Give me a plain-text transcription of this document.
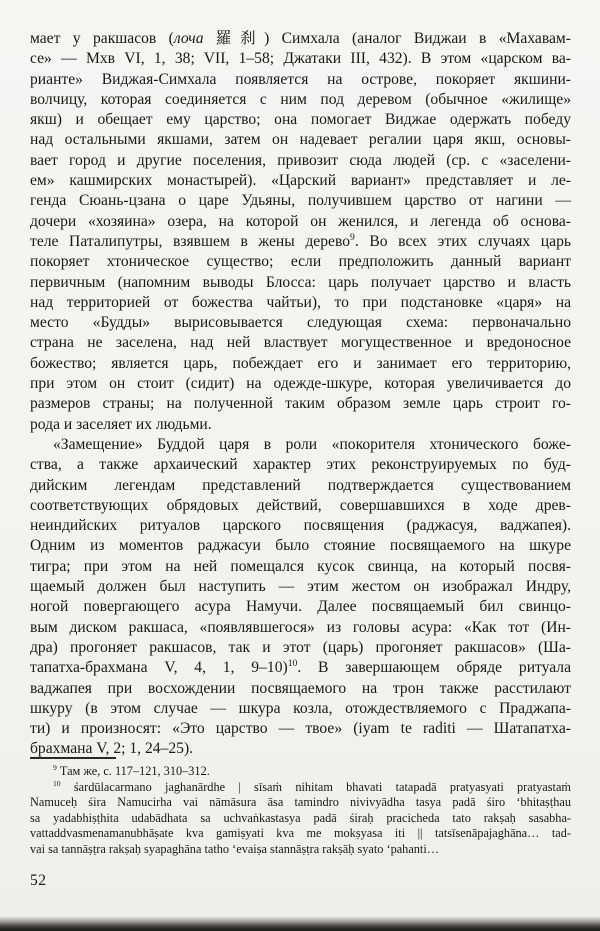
мает у ракшасов (лоча 羅刹) Симхала (аналог Виджаи в «Махавам-
се» — Мхв VI, 1, 38; VII, 1–58; Джатаки III, 432). В этом «царском ва-
рианте» Виджая-Симхала появляется на острове, покоряет якшини-
волчицу, которая соединяется с ним под деревом (обычное «жилище»
якш) и обещает ему царство; она помогает Виджае одержать победу
над остальными якшами, затем он надевает регалии царя якш, основы-
вает город и другие поселения, привозит сюда людей (ср. с «заселени-
ем» кашмирских монастырей). «Царский вариант» представляет и ле-
генда Сюань-цзана о царе Удьяны, получившем царство от нагини —
дочери «хозяина» озера, на которой он женился, и легенда об основа-
теле Паталипутры, взявшем в жены дерево$^9$. Во всех этих случаях царь
покоряет хтоническое существо; если предположить данный вариант
первичным (напомним выводы Блосса: царь получает царство и власть
над территорией от божества чайтьи), то при подстановке «царя» на
место «Будды» вырисовывается следующая схема: первоначально
страна не заселена, над ней властвует могущественное и вредоносное
божество; является царь, побеждает его и занимает его территорию,
при этом он стоит (сидит) на одежде-шкуре, которая увеличивается до
размеров страны; на полученной таким образом земле царь строит го-
рода и заселяет их людьми.
«Замещение» Буддой царя в роли «покорителя хтонического боже-
ства, а также архаический характер этих реконструируемых по буд-
дийским легендам представлений подтверждается существованием
соответствующих обрядовых действий, совершавшихся в ходе древ-
неиндийских ритуалов царского посвящения (раджасуя, ваджапея).
Одним из моментов раджасуи было стояние посвящаемого на шкуре
тигра; при этом на ней помещался кусок свинца, на который посвя-
щаемый должен был наступить — этим жестом он изображал Индру,
ногой повергающего асура Намучи. Далее посвящаемый бил свинцо-
вым диском ракшаса, «появлявшегося» из головы асура: «Как тот (Ин-
дра) прогоняет ракшасов, так и этот (царь) прогоняет ракшасов» (Ша-
тапатха-брахмана V, 4, 1, 9–10)$^{10}$. В завершающем обряде ритуала
ваджапея при восхождении посвящаемого на трон также расстилают
шкуру (в этом случае — шкура козла, отождествляемого с Праджапа-
ти) и произносят: «Это царство — твое» (iyam te raditi — Шатапатха-
брахмана V, 2; 1, 24–25).
$^9$ Там же, с. 117–121, 310–312.
$^{10}$ śardūlacarmano jaghanārdhe | sīsaṁ nihitam bhavati tatapadā pratyasyati pratyastaṁ
Namuceḥ śira Namucirha vai nāmāsura āsa tamindro nivivyādha tasya padā śiro ‘bhitaṣṭhau
sa yadabhiṣṭhita udabādhata sa uchvaṅkastasya padā śiraḥ pracicheda tato rakṣaḥ sasabha-
vattaddvasmenamanubhāṣate kva gamiṣyati kva me mokṣyasa iti || tatsīsenāpajaghāna… tad-
vai sa tannāṣṭra rakṣaḥ syapaghāna tatho ‘evaiṣa stannāṣṭra rakṣāḥ syato ‘pahanti…
52
